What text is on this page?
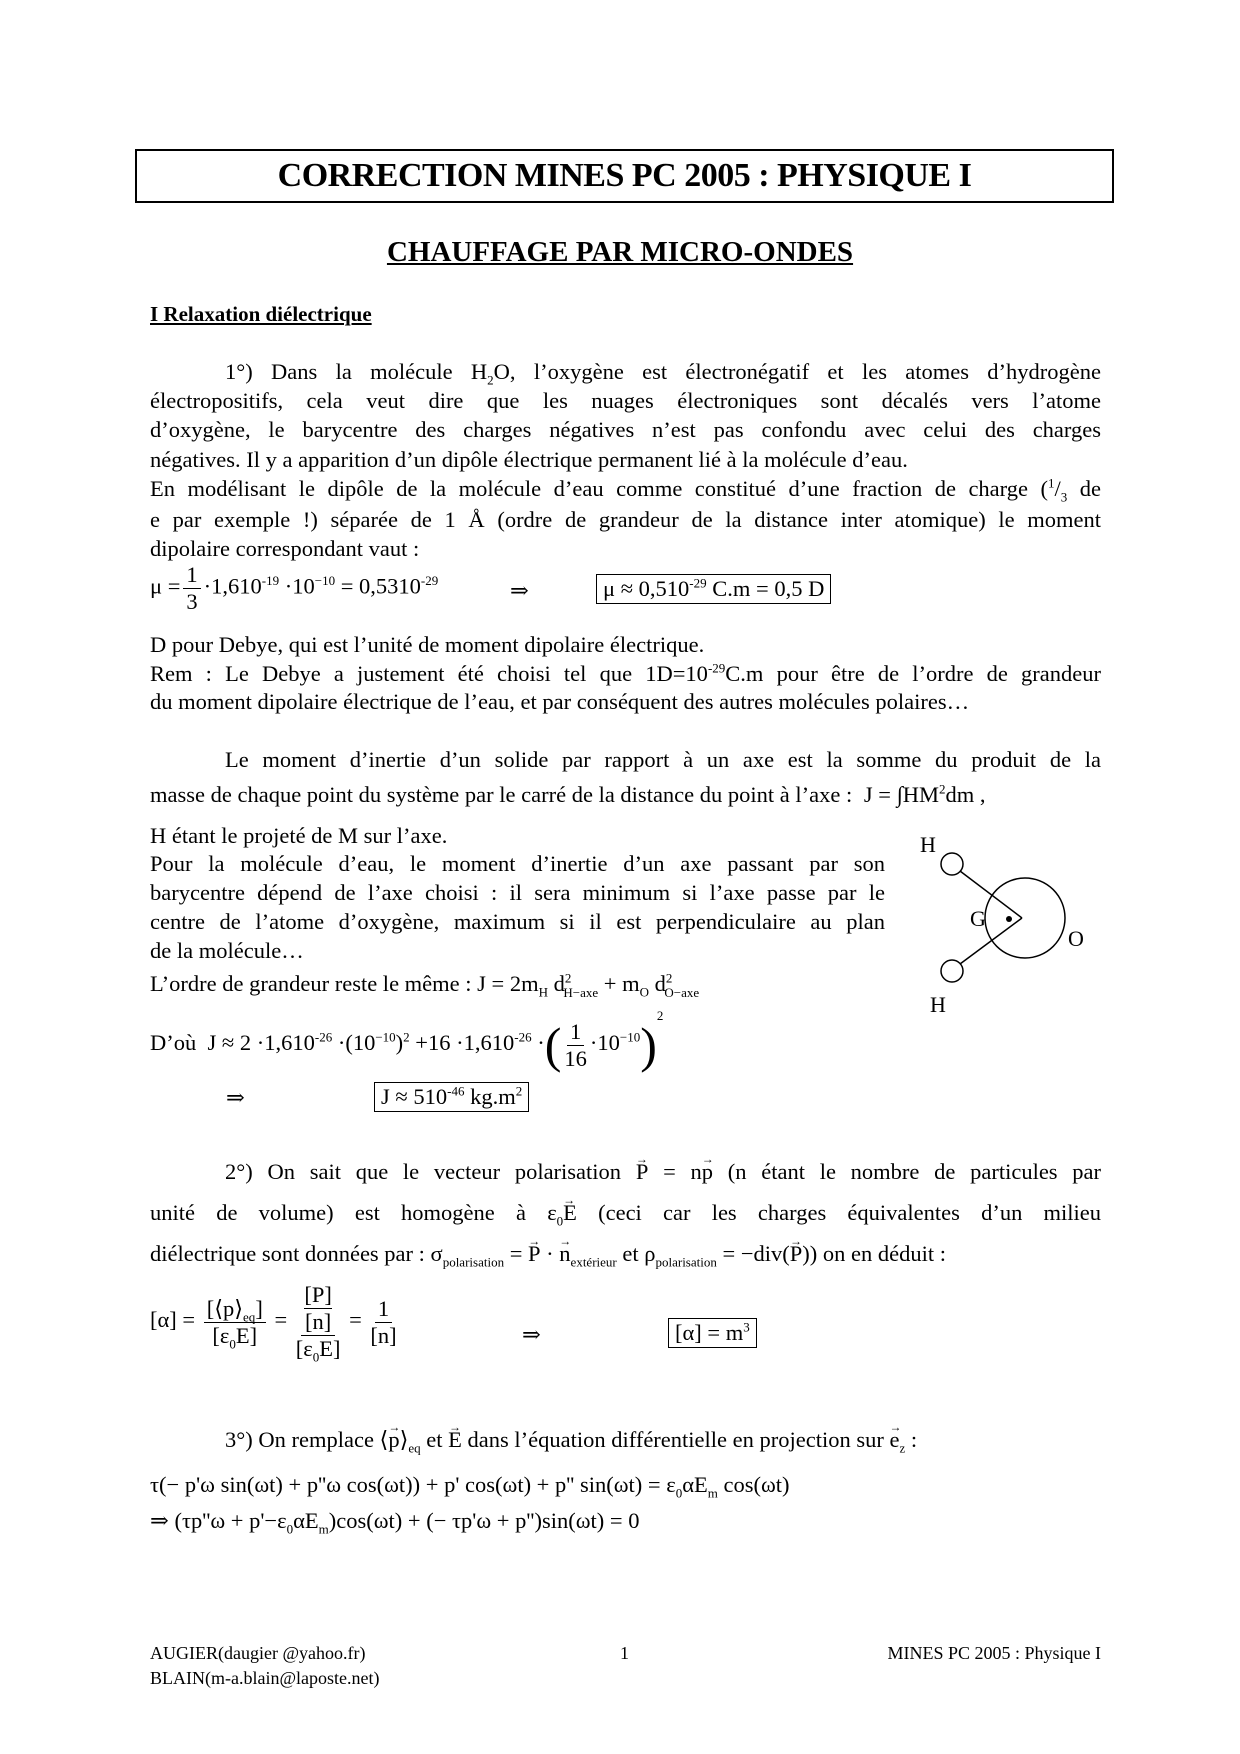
CORRECTION MINES PC 2005 : PHYSIQUE I
CHAUFFAGE PAR MICRO-ONDES
I Relaxation diélectrique
1°) Dans la molécule $H_2O$, l’oxygène est électronégatif et les atomes d’hydrogène
électropositifs, cela veut dire que les nuages électroniques sont décalés vers l’atome
d’oxygène, le barycentre des charges négatives n’est pas confondu avec celui des charges
négatives. Il y a apparition d’un dipôle électrique permanent lié à la molécule d’eau.
En modélisant le dipôle de la molécule d’eau comme constitué d’une fraction de charge ($^1/_3$ de
e par exemple !) séparée de 1 Å (ordre de grandeur de la distance inter atomique) le moment
dipolaire correspondant vaut :
$\mu = \frac{1}{3} \cdot 1,610^{-19} \cdot 10^{-10} = 0,5310^{-29}$	⇒	$\mu \approx 0,510^{-29}$ C.m = 0,5 D
D pour Debye, qui est l’unité de moment dipolaire électrique.
Rem : Le Debye a justement été choisi tel que $1D=10^{-29}C.m$ pour être de l’ordre de grandeur
du moment dipolaire électrique de l’eau, et par conséquent des autres molécules polaires…
Le moment d’inertie d’un solide par rapport à un axe est la somme du produit de la
masse de chaque point du système par le carré de la distance du point à l’axe : $J = \int HM^2dm$ ,
H étant le projeté de M sur l’axe.
Pour la molécule d’eau, le moment d’inertie d’un axe passant par son
barycentre dépend de l’axe choisi : il sera minimum si l’axe passe par le
centre de l’atome d’oxygène, maximum si il est perpendiculaire au plan
de la molécule…
L’ordre de grandeur reste le même : $J = 2m_H$ $d^2_{H-axe} + m_O$ $d^2_{O-axe}$
H
G
O
H
D’où $J \approx 2 \cdot 1,610^{-26} \cdot(10^{-10})^2 +16 \cdot 1,610^{-26}$ ·( $\frac{1}{16} \cdot 10^{-10})^2$
⇒	$J \approx 510^{-46}$ $kg.m^2$
2°) On sait que le vecteur polarisation → P = n→ p (n étant le nombre de particules par
unité de volume) est homogène à $\varepsilon_0\to E$ (ceci car les charges équivalentes d’un milieu
diélectrique sont données par : $\sigma_{polarisation}$ = → P · → $n_{extérieur}$ et $\rho_{polarisation} = -div(\to P)$) on en déduit :
$[\alpha] = \frac{[⟨p⟩_{eq}]}{[\varepsilon_0E]} = [P]$
[n]
$[\varepsilon_0E] = \frac{1}{[n]}$	⇒	$[\alpha] = m^3$
3°) On remplace ⟨→ $p⟩_{eq}$ et → E dans l’équation différentielle en projection sur → $e_z$ :
τ(− p'ω sin(ωt) + p''ω cos(ωt)) + p' cos(ωt) + p'' $\sin(\omega t) = \varepsilon_0\alpha E_m$ cos(ωt)
⇒ $(\tau p''\omega + p'-\varepsilon_0\alpha E_m)\cos(\omega t)$ + (− τp'ω + p'')sin(ωt) = 0
AUGIER(daugier @yahoo.fr)
BLAIN(m-a.blain@laposte.net)
1	MINES PC 2005 : Physique I
